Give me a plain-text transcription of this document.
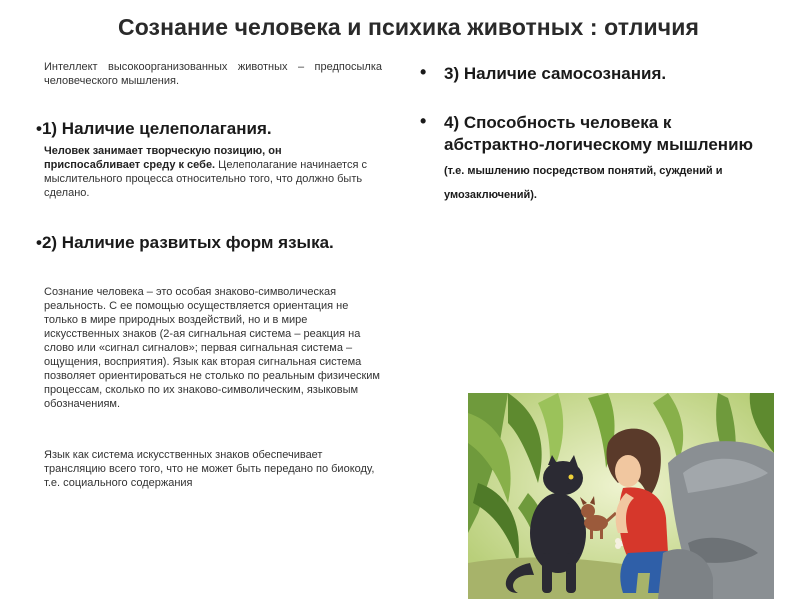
Сознание человека и психика животных : отличия
Интеллект высокоорганизованных животных – предпосылка человеческого мышления.
•1) Наличие целеполагания.
Человек занимает творческую позицию, он приспосабливает среду к себе. Целеполагание начинается с мыслительного процесса относительно того, что должно быть сделано.
•2) Наличие развитых форм языка.
Сознание человека – это особая знаково-символическая реальность. С ее помощью осуществляется ориентация не только в мире природных воздействий, но и в мире искусственных знаков (2-ая сигнальная система – реакция на слово или «сигнал сигналов»; первая сигнальная система – ощущения, восприятия). Язык как вторая сигнальная система позволяет ориентироваться не столько по реальным физическим процессам, сколько по их знаково-символическим, языковым обозначениям.
Язык как система искусственных знаков обеспечивает трансляцию всего того, что не может быть передано по биокоду, т.е. социального содержания
• 3) Наличие самосознания.
• 4) Способность человека к абстрактно-логическому мышлению (т.е. мышлению посредством понятий, суждений и умозаключений).
